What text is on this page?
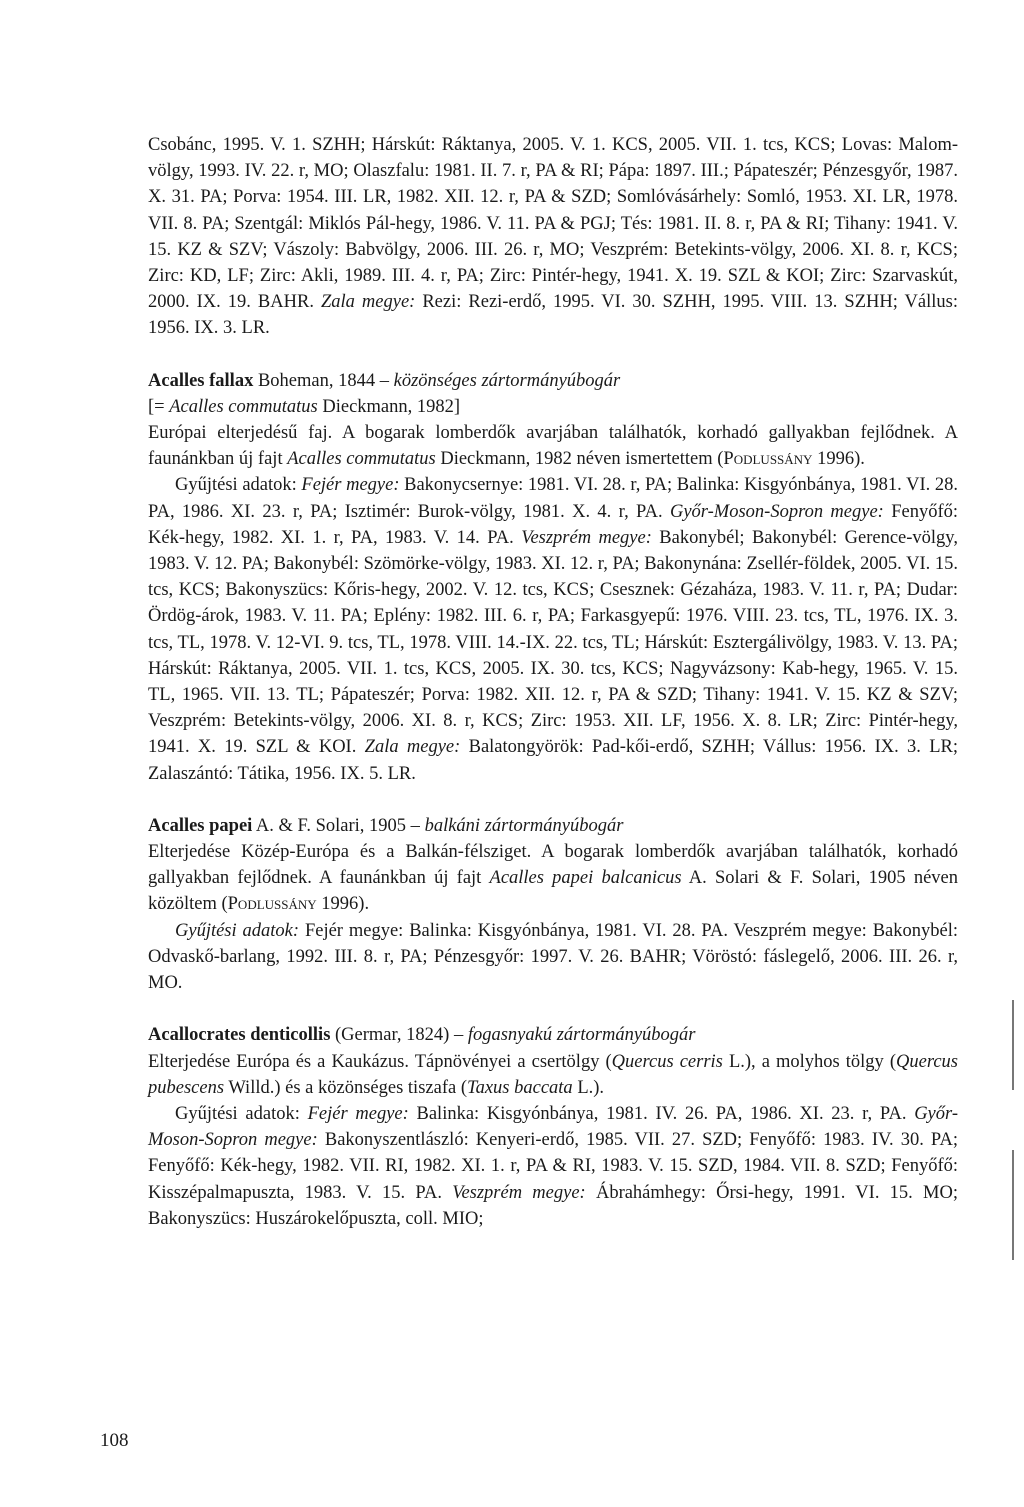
Csobánc, 1995. V. 1. SZHH; Hárskút: Ráktanya, 2005. V. 1. KCS, 2005. VII. 1. tcs, KCS; Lovas: Malom-völgy, 1993. IV. 22. r, MO; Olaszfalu: 1981. II. 7. r, PA & RI; Pápa: 1897. III.; Pápateszér; Pénzesgyőr, 1987. X. 31. PA; Porva: 1954. III. LR, 1982. XII. 12. r, PA & SZD; Somlóvásárhely: Somló, 1953. XI. LR, 1978. VII. 8. PA; Szentgál: Miklós Pál-hegy, 1986. V. 11. PA & PGJ; Tés: 1981. II. 8. r, PA & RI; Tihany: 1941. V. 15. KZ & SZV; Vászoly: Babvölgy, 2006. III. 26. r, MO; Veszprém: Betekints-völgy, 2006. XI. 8. r, KCS; Zirc: KD, LF; Zirc: Akli, 1989. III. 4. r, PA; Zirc: Pintér-hegy, 1941. X. 19. SZL & KOI; Zirc: Szarvaskút, 2000. IX. 19. BAHR. Zala megye: Rezi: Rezi-erdő, 1995. VI. 30. SZHH, 1995. VIII. 13. SZHH; Vállus: 1956. IX. 3. LR.

Acalles fallax Boheman, 1844 – közönséges zártormányúbogár

[= Acalles commutatus Dieckmann, 1982]

Európai elterjedésű faj. A bogarak lomberdők avarjában találhatók, korhadó gallyakban fejlődnek. A faunánkban új fajt Acalles commutatus Dieckmann, 1982 néven ismertettem (Podlussány 1996).

Gyűjtési adatok: Fejér megye: Bakonycsernye: 1981. VI. 28. r, PA; Balinka: Kisgyónbánya, 1981. VI. 28. PA, 1986. XI. 23. r, PA; Isztimér: Burok-völgy, 1981. X. 4. r, PA. Győr-Moson-Sopron megye: Fenyőfő: Kék-hegy, 1982. XI. 1. r, PA, 1983. V. 14. PA. Veszprém megye: Bakonybél; Bakonybél: Gerence-völgy, 1983. V. 12. PA; Bakonybél: Szömörke-völgy, 1983. XI. 12. r, PA; Bakonynána: Zsellér-földek, 2005. VI. 15. tcs, KCS; Bakonyszücs: Kőris-hegy, 2002. V. 12. tcs, KCS; Csesznek: Gézaháza, 1983. V. 11. r, PA; Dudar: Ördög-árok, 1983. V. 11. PA; Eplény: 1982. III. 6. r, PA; Farkasgyepű: 1976. VIII. 23. tcs, TL, 1976. IX. 3. tcs, TL, 1978. V. 12-VI. 9. tcs, TL, 1978. VIII. 14.-IX. 22. tcs, TL; Hárskút: Esztergálivölgy, 1983. V. 13. PA; Hárskút: Ráktanya, 2005. VII. 1. tcs, KCS, 2005. IX. 30. tcs, KCS; Nagyvázsony: Kab-hegy, 1965. V. 15. TL, 1965. VII. 13. TL; Pápateszér; Porva: 1982. XII. 12. r, PA & SZD; Tihany: 1941. V. 15. KZ & SZV; Veszprém: Betekints-völgy, 2006. XI. 8. r, KCS; Zirc: 1953. XII. LF, 1956. X. 8. LR; Zirc: Pintér-hegy, 1941. X. 19. SZL & KOI. Zala megye: Balatongyörök: Pad-kői-erdő, SZHH; Vállus: 1956. IX. 3. LR; Zalaszántó: Tátika, 1956. IX. 5. LR.

Acalles papei A. & F. Solari, 1905 – balkáni zártormányúbogár

Elterjedése Közép-Európa és a Balkán-félsziget. A bogarak lomberdők avarjában találhatók, korhadó gallyakban fejlődnek. A faunánkban új fajt Acalles papei balcanicus A. Solari & F. Solari, 1905 néven közöltem (Podlussány 1996).

Gyűjtési adatok: Fejér megye: Balinka: Kisgyónbánya, 1981. VI. 28. PA. Veszprém megye: Bakonybél: Odvaskő-barlang, 1992. III. 8. r, PA; Pénzesgyőr: 1997. V. 26. BAHR; Vöröstó: fáslegelő, 2006. III. 26. r, MO.

Acallocrates denticollis (Germar, 1824) – fogasnyakú zártormányúbogár

Elterjedése Európa és a Kaukázus. Tápnövényei a csertölgy (Quercus cerris L.), a molyhos tölgy (Quercus pubescens Willd.) és a közönséges tiszafa (Taxus baccata L.).

Gyűjtési adatok: Fejér megye: Balinka: Kisgyónbánya, 1981. IV. 26. PA, 1986. XI. 23. r, PA. Győr-Moson-Sopron megye: Bakonyszentlászló: Kenyeri-erdő, 1985. VII. 27. SZD; Fenyőfő: 1983. IV. 30. PA; Fenyőfő: Kék-hegy, 1982. VII. RI, 1982. XI. 1. r, PA & RI, 1983. V. 15. SZD, 1984. VII. 8. SZD; Fenyőfő: Kisszépalmapuszta, 1983. V. 15. PA. Veszprém megye: Ábrahámhegy: Őrsi-hegy, 1991. VI. 15. MO; Bakonyszücs: Huszárokelőpuszta, coll. MIO;

108
